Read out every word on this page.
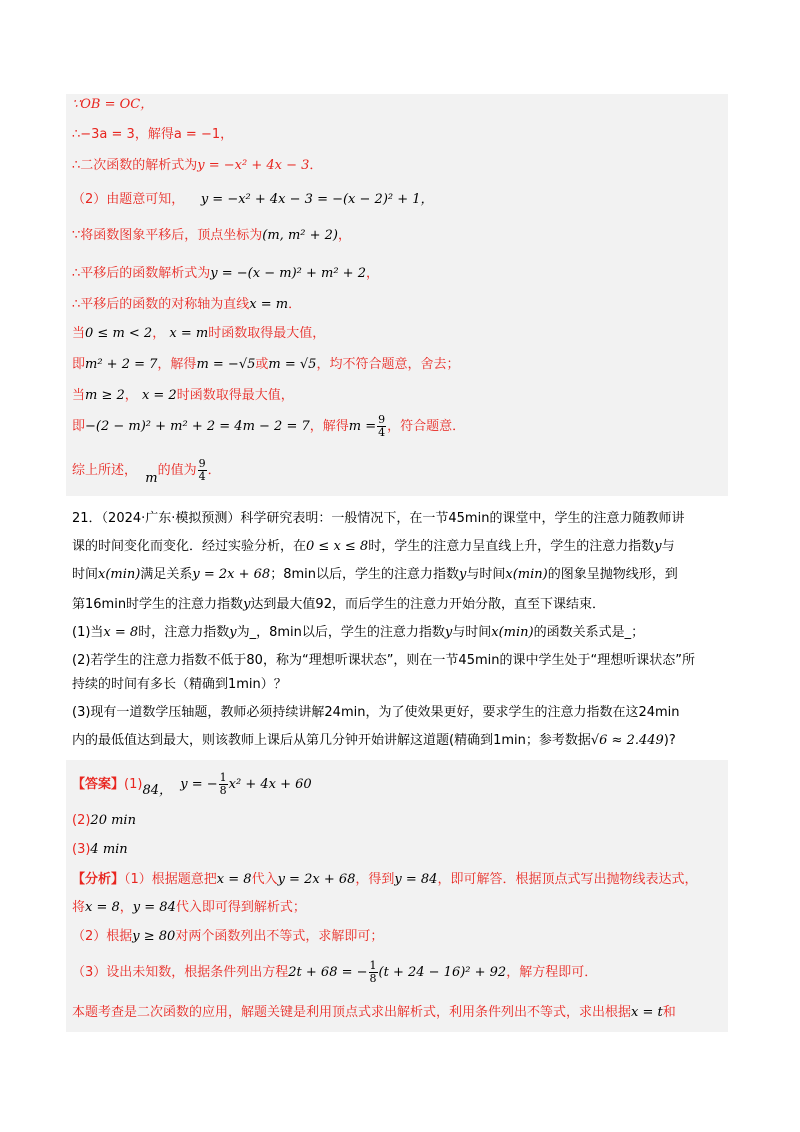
∵OB = OC，
∴−3a = 3，解得a = −1，
∴二次函数的解析式为y = −x² + 4x − 3．
（2）由题意可知， y = −x² + 4x − 3 = −(x − 2)² + 1，
∵将函数图象平移后，顶点坐标为(m, m² + 2)，
∴平移后的函数解析式为y = −(x − m)² + m² + 2，
∴平移后的函数的对称轴为直线x = m．
当0 ≤ m < 2， x = m时函数取得最大值，
即m² + 2 = 7，解得m = −√5或m = √5，均不符合题意，舍去；
当m ≥ 2， x = 2时函数取得最大值，
即−(2 − m)² + m² + 2 = 4m − 2 = 7，解得$m = \frac{9}{4}$ ，符合题意．
综上所述，  m的值为 $\frac{9}{4}$ ．
21．（2024·广东·模拟预测）科学研究表明：一般情况下，在一节45min的课堂中，学生的注意力随教师讲
课的时间变化而变化．经过实验分析，在0 ≤ x ≤ 8时，学生的注意力呈直线上升，学生的注意力指数y与
时间x(min)满足关系y = 2x + 68；8min以后，学生的注意力指数y与时间x(min)的图象呈抛物线形，到
第16min时学生的注意力指数y达到最大值92，而后学生的注意力开始分散，直至下课结束．
(1)当x = 8时，注意力指数y为_，8min以后，学生的注意力指数y与时间x(min)的函数关系式是_；
(2)若学生的注意力指数不低于80，称为“理想听课状态”，则在一节45min的课中学生处于“理想听课状态”所
持续的时间有多长（精确到1min）？
(3)现有一道数学压轴题，教师必须持续讲解24min，为了使效果更好，要求学生的注意力指数在这24min
内的最低值达到最大，则该教师上课后从第几分钟开始讲解这道题(精确到1min；参考数据√6 ≈ 2.449)?
【答案】(1)84， y = − $\frac{1}{8} x^2 + 4x + 60$
(2)20 min
(3)4 min
【分析】（1）根据题意把x = 8代入y = 2x + 68，得到y = 84，即可解答．根据顶点式写出抛物线表达式，
将x = 8，y = 84代入即可得到解析式；
（2）根据y ≥ 80对两个函数列出不等式，求解即可；
（3）设出未知数，根据条件列出方程2t + 68 = − $\frac{1}{8} (t + 24 - 16)^2 + 92$，解方程即可．
本题考查是二次函数的应用，解题关键是利用顶点式求出解析式，利用条件列出不等式，求出根据x = t和
